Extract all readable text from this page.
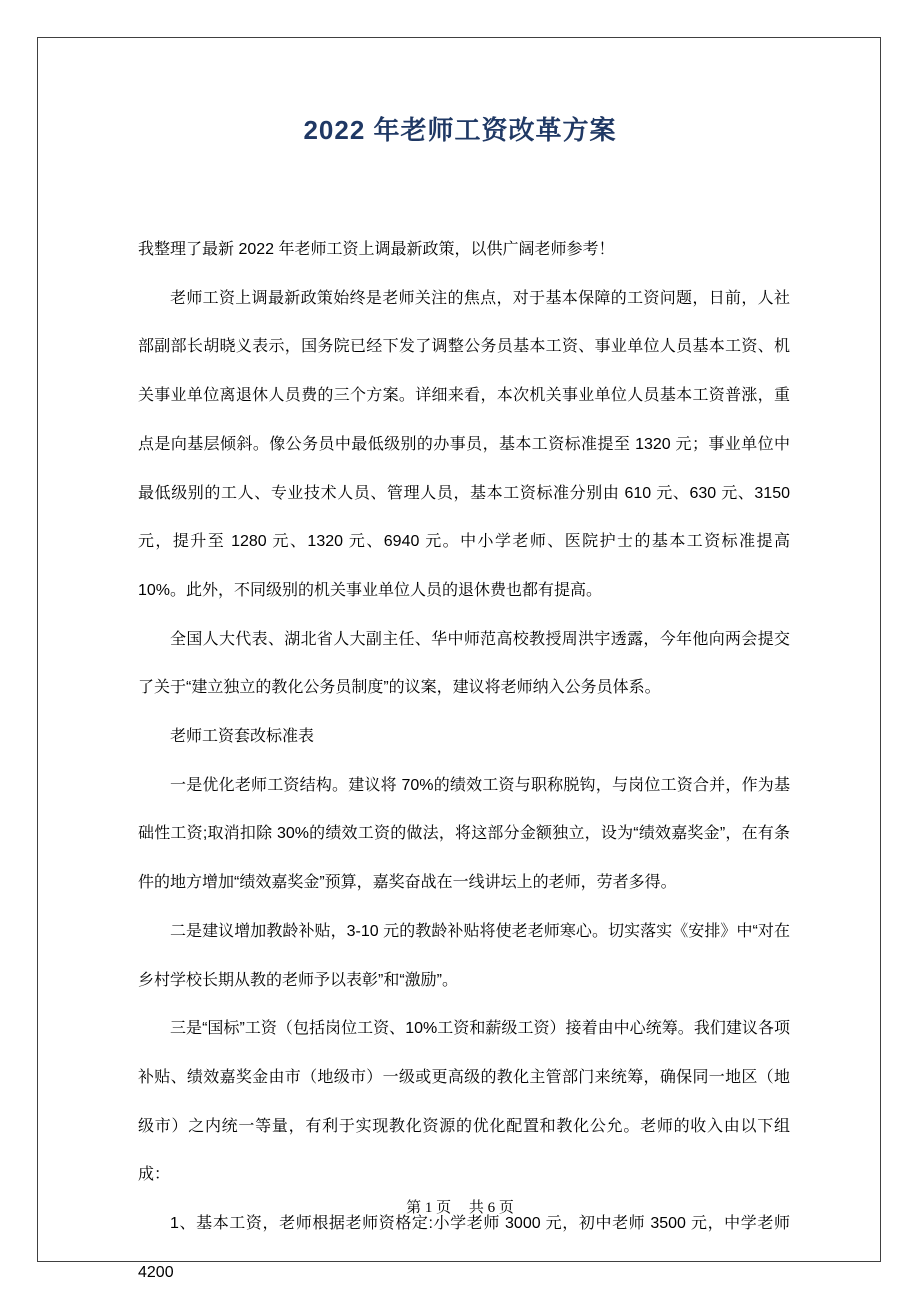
2022 年老师工资改革方案

我整理了最新 2022 年老师工资上调最新政策，以供广阔老师参考！

老师工资上调最新政策始终是老师关注的焦点，对于基本保障的工资问题，日前，人社部副部长胡晓义表示，国务院已经下发了调整公务员基本工资、事业单位人员基本工资、机关事业单位离退休人员费的三个方案。详细来看，本次机关事业单位人员基本工资普涨，重点是向基层倾斜。像公务员中最低级别的办事员，基本工资标准提至 1320 元；事业单位中最低级别的工人、专业技术人员、管理人员，基本工资标准分别由 610 元、630 元、3150 元，提升至 1280 元、1320 元、6940 元。中小学老师、医院护士的基本工资标准提高 10%。此外，不同级别的机关事业单位人员的退休费也都有提高。

全国人大代表、湖北省人大副主任、华中师范高校教授周洪宇透露，今年他向两会提交了关于“建立独立的教化公务员制度”的议案，建议将老师纳入公务员体系。

老师工资套改标准表

一是优化老师工资结构。建议将 70%的绩效工资与职称脱钩，与岗位工资合并，作为基础性工资;取消扣除 30%的绩效工资的做法，将这部分金额独立，设为“绩效嘉奖金”，在有条件的地方增加“绩效嘉奖金”预算，嘉奖奋战在一线讲坛上的老师，劳者多得。

二是建议增加教龄补贴，3-10 元的教龄补贴将使老老师寒心。切实落实《安排》中“对在乡村学校长期从教的老师予以表彰”和“激励”。

三是“国标”工资（包括岗位工资、10%工资和薪级工资）接着由中心统筹。我们建议各项补贴、绩效嘉奖金由市（地级市）一级或更高级的教化主管部门来统筹，确保同一地区（地级市）之内统一等量，有利于实现教化资源的优化配置和教化公允。老师的收入由以下组成：

1、基本工资，老师根据老师资格定:小学老师 3000 元，初中老师 3500 元，中学老师 4200

第 1 页 共 6 页
